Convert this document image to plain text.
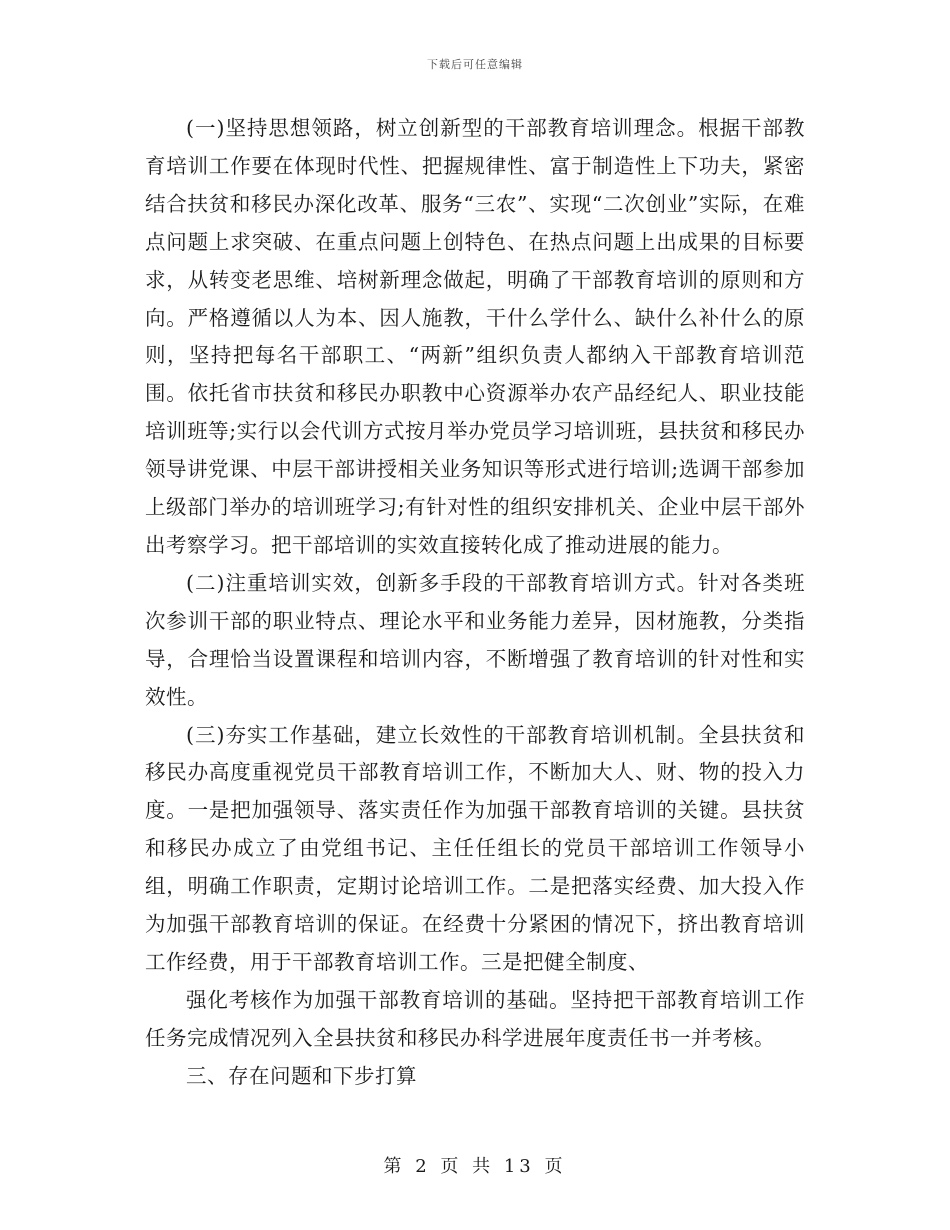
下载后可任意编辑

(一)坚持思想领路，树立创新型的干部教育培训理念。根据干部教育培训工作要在体现时代性、把握规律性、富于制造性上下功夫，紧密结合扶贫和移民办深化改革、服务“三农”、实现“二次创业”实际，在难点问题上求突破、在重点问题上创特色、在热点问题上出成果的目标要求，从转变老思维、培树新理念做起，明确了干部教育培训的原则和方向。严格遵循以人为本、因人施教，干什么学什么、缺什么补什么的原则，坚持把每名干部职工、“两新”组织负责人都纳入干部教育培训范围。依托省市扶贫和移民办职教中心资源举办农产品经纪人、职业技能培训班等;实行以会代训方式按月举办党员学习培训班，县扶贫和移民办领导讲党课、中层干部讲授相关业务知识等形式进行培训;选调干部参加上级部门举办的培训班学习;有针对性的组织安排机关、企业中层干部外出考察学习。把干部培训的实效直接转化成了推动进展的能力。

(二)注重培训实效，创新多手段的干部教育培训方式。针对各类班次参训干部的职业特点、理论水平和业务能力差异，因材施教，分类指导，合理恰当设置课程和培训内容，不断增强了教育培训的针对性和实效性。

(三)夯实工作基础，建立长效性的干部教育培训机制。全县扶贫和移民办高度重视党员干部教育培训工作，不断加大人、财、物的投入力度。一是把加强领导、落实责任作为加强干部教育培训的关键。县扶贫和移民办成立了由党组书记、主任任组长的党员干部培训工作领导小组，明确工作职责，定期讨论培训工作。二是把落实经费、加大投入作为加强干部教育培训的保证。在经费十分紧困的情况下，挤出教育培训工作经费，用于干部教育培训工作。三是把健全制度、

强化考核作为加强干部教育培训的基础。坚持把干部教育培训工作任务完成情况列入全县扶贫和移民办科学进展年度责任书一并考核。

三、存在问题和下步打算

第 2 页 共 13 页
